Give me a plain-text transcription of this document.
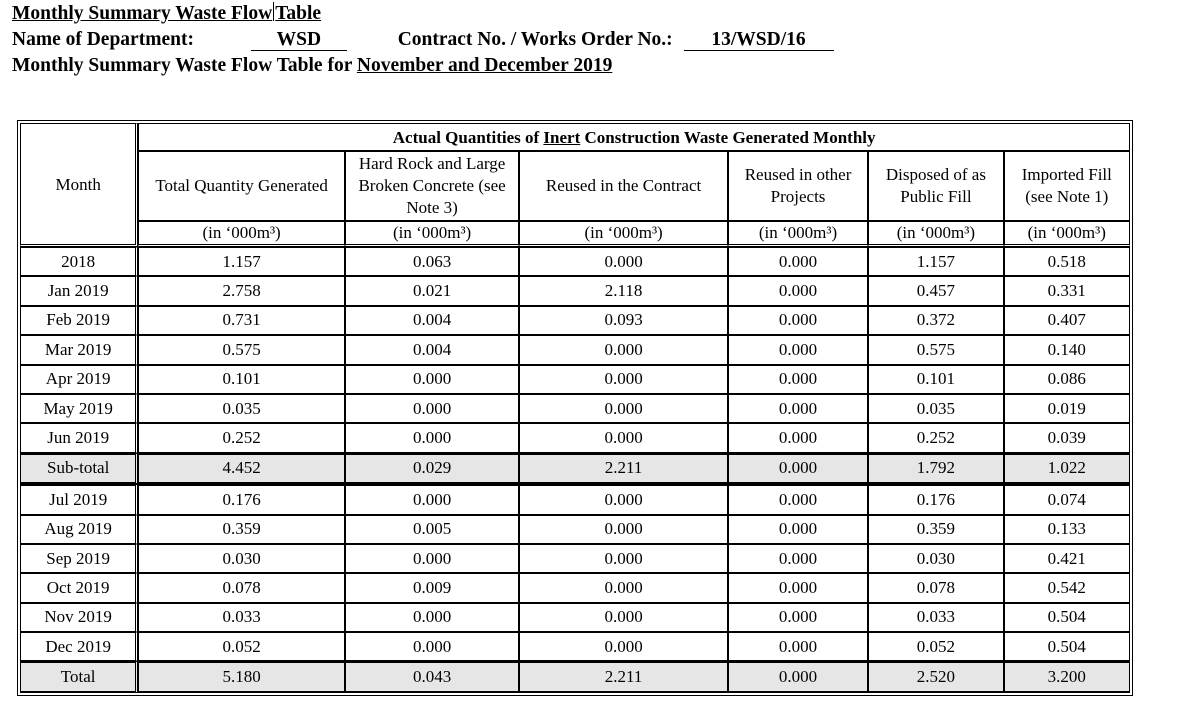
Monthly Summary Waste Flow Table
Name of Department:	WSD	Contract No. / Works Order No.: 13/WSD/16
Monthly Summary Waste Flow Table for November and December 2019
Month	Actual Quantities of Inert Construction Waste Generated Monthly					
	Total Quantity Generated	Hard Rock and Large Broken Concrete (see Note 3)	Reused in the Contract	Reused in other Projects	Disposed of as Public Fill	Imported Fill (see Note 1)
	(in ‘000m³)	(in ‘000m³)	(in ‘000m³)	(in ‘000m³)	(in ‘000m³)	(in ‘000m³)
2018	1.157	0.063	0.000	0.000	1.157	0.518
Jan 2019	2.758	0.021	2.118	0.000	0.457	0.331
Feb 2019	0.731	0.004	0.093	0.000	0.372	0.407
Mar 2019	0.575	0.004	0.000	0.000	0.575	0.140
Apr 2019	0.101	0.000	0.000	0.000	0.101	0.086
May 2019	0.035	0.000	0.000	0.000	0.035	0.019
Jun 2019	0.252	0.000	0.000	0.000	0.252	0.039
Sub-total	4.452	0.029	2.211	0.000	1.792	1.022
Jul 2019	0.176	0.000	0.000	0.000	0.176	0.074
Aug 2019	0.359	0.005	0.000	0.000	0.359	0.133
Sep 2019	0.030	0.000	0.000	0.000	0.030	0.421
Oct 2019	0.078	0.009	0.000	0.000	0.078	0.542
Nov 2019	0.033	0.000	0.000	0.000	0.033	0.504
Dec 2019	0.052	0.000	0.000	0.000	0.052	0.504
Total	5.180	0.043	2.211	0.000	2.520	3.200
